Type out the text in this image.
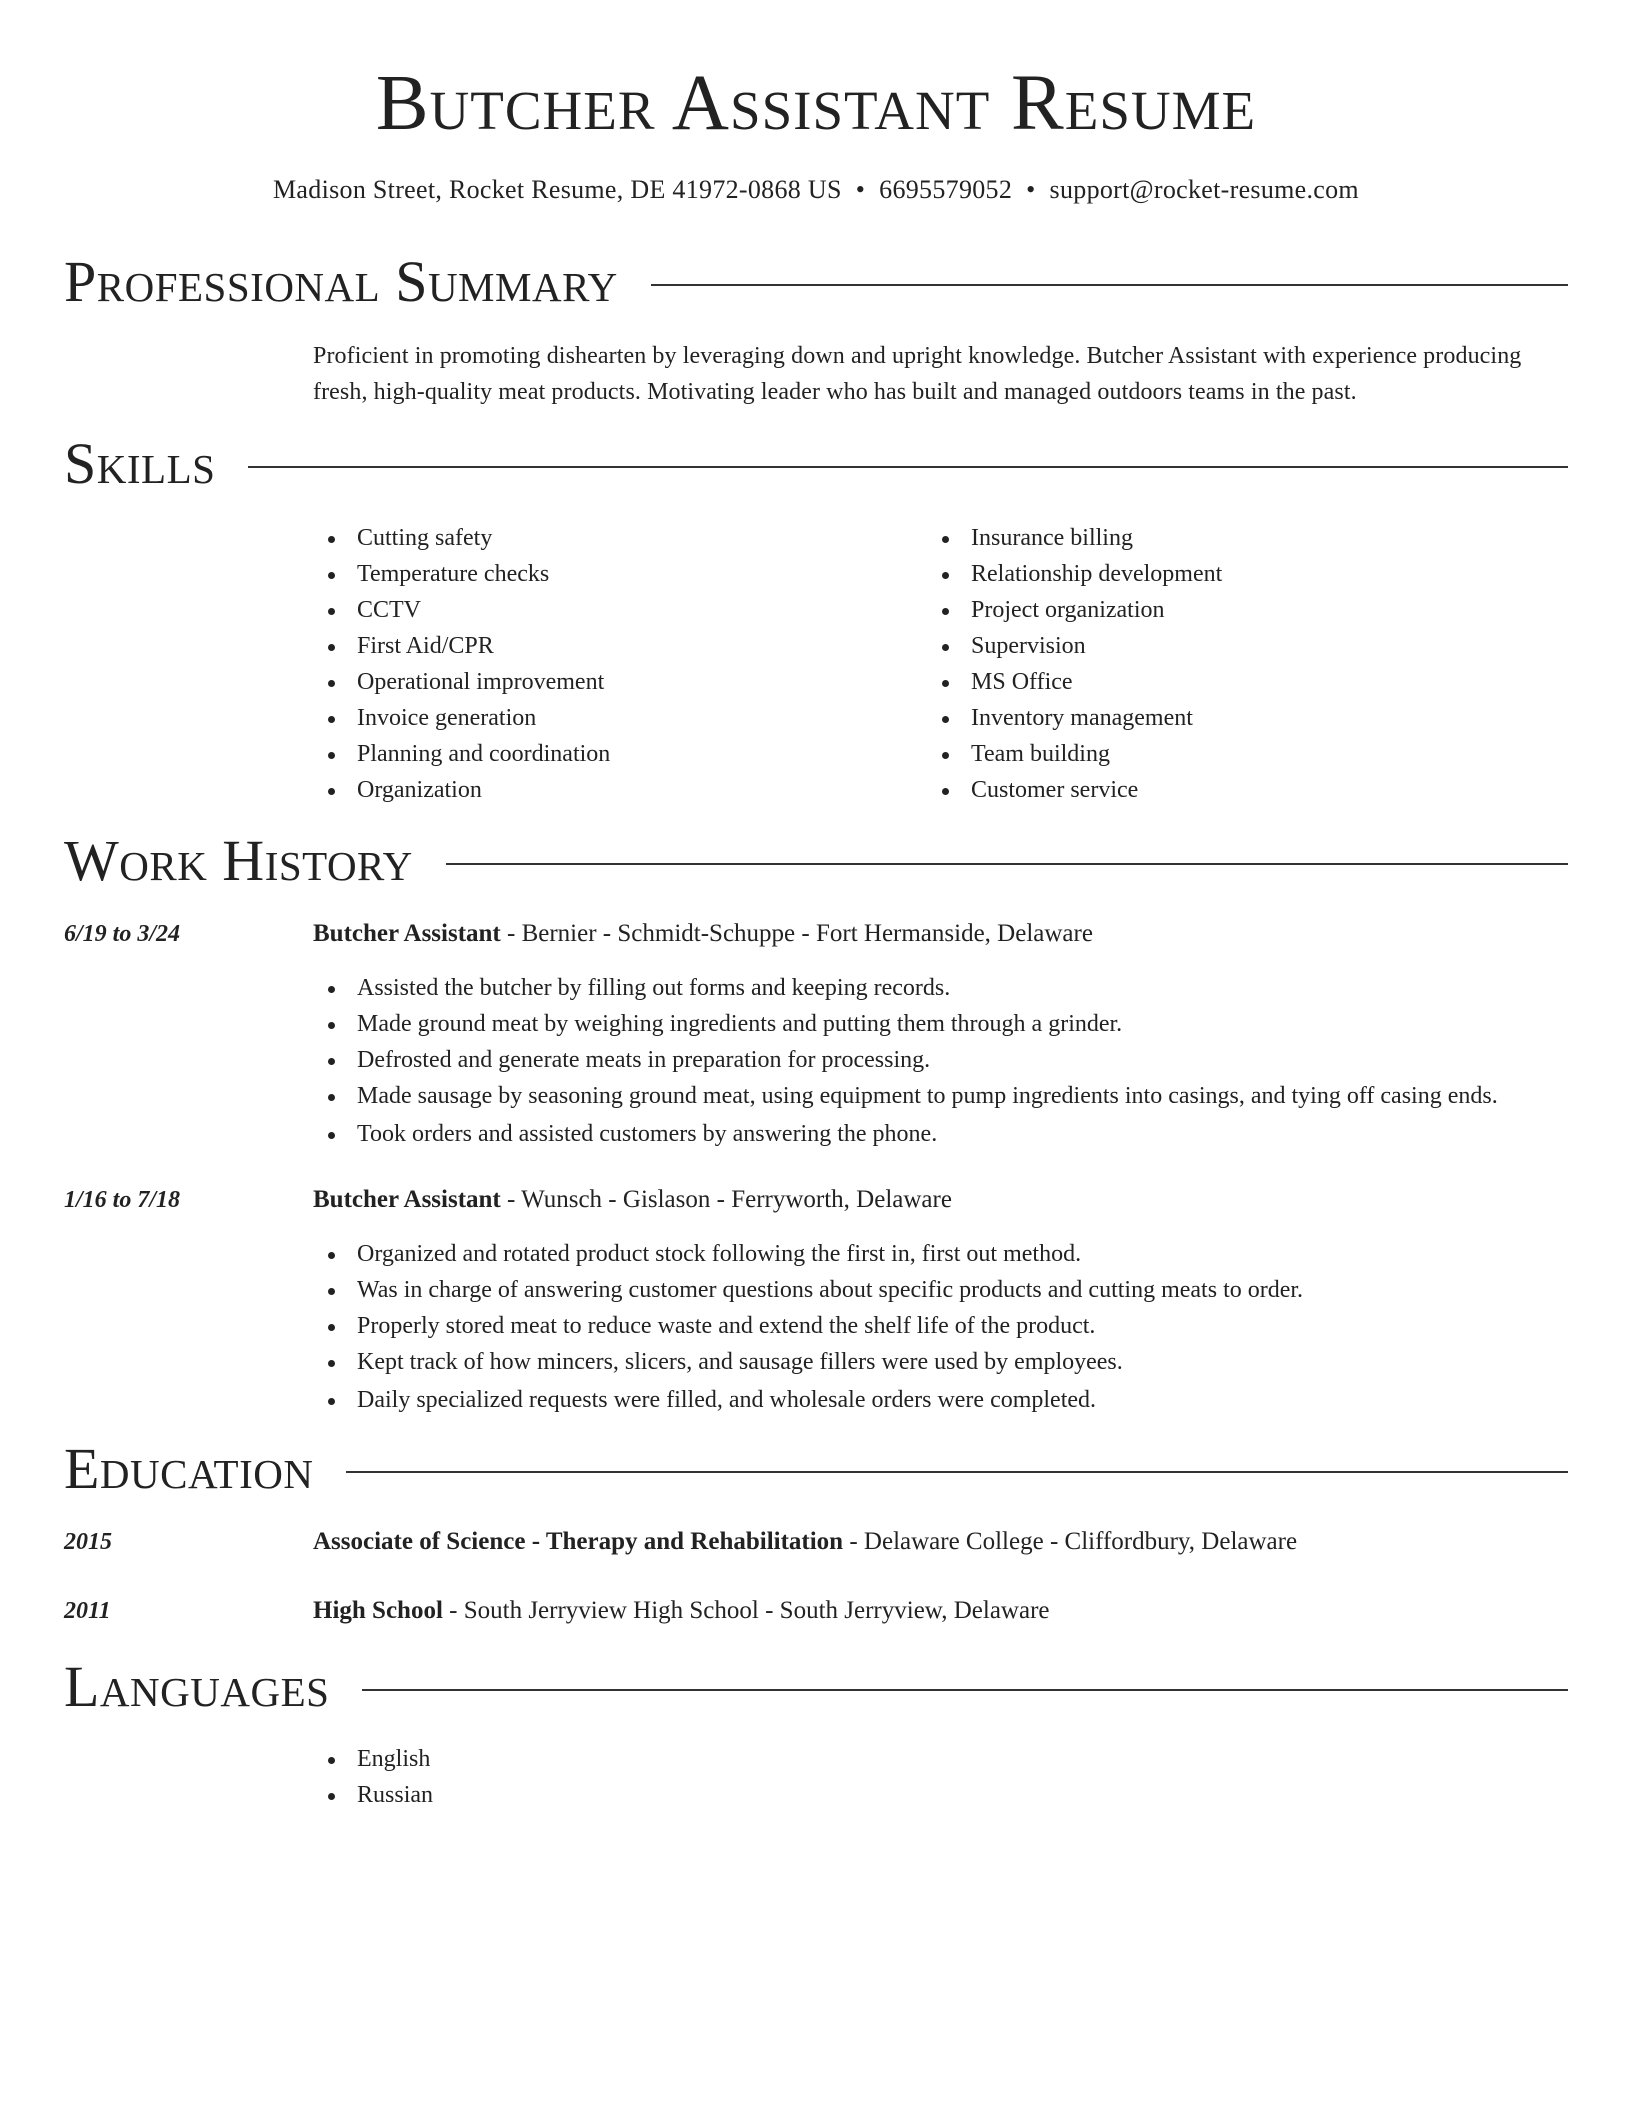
Butcher Assistant Resume
Madison Street, Rocket Resume, DE 41972-0868 US • 6695579052 • support@rocket-resume.com
Professional Summary

Proficient in promoting dishearten by leveraging down and upright knowledge. Butcher Assistant with experience producing fresh, high-quality meat products. Motivating leader who has built and managed outdoors teams in the past.

Skills
Cutting safety
Temperature checks
CCTV
First Aid/CPR
Operational improvement
Invoice generation
Planning and coordination
Organization
Insurance billing
Relationship development
Project organization
Supervision
MS Office
Inventory management
Team building
Customer service
Work History
6/19 to 3/24	Butcher Assistant - Bernier - Schmidt-Schuppe - Fort Hermanside, Delaware
Assisted the butcher by filling out forms and keeping records.
Made ground meat by weighing ingredients and putting them through a grinder.
Defrosted and generate meats in preparation for processing.
Made sausage by seasoning ground meat, using equipment to pump ingredients into casings, and tying off casing ends.
Took orders and assisted customers by answering the phone.
1/16 to 7/18	Butcher Assistant - Wunsch - Gislason - Ferryworth, Delaware
Organized and rotated product stock following the first in, first out method.
Was in charge of answering customer questions about specific products and cutting meats to order.
Properly stored meat to reduce waste and extend the shelf life of the product.
Kept track of how mincers, slicers, and sausage fillers were used by employees.
Daily specialized requests were filled, and wholesale orders were completed.
Education
2015	Associate of Science - Therapy and Rehabilitation - Delaware College - Cliffordbury, Delaware
2011	High School - South Jerryview High School - South Jerryview, Delaware
Languages
English
Russian
